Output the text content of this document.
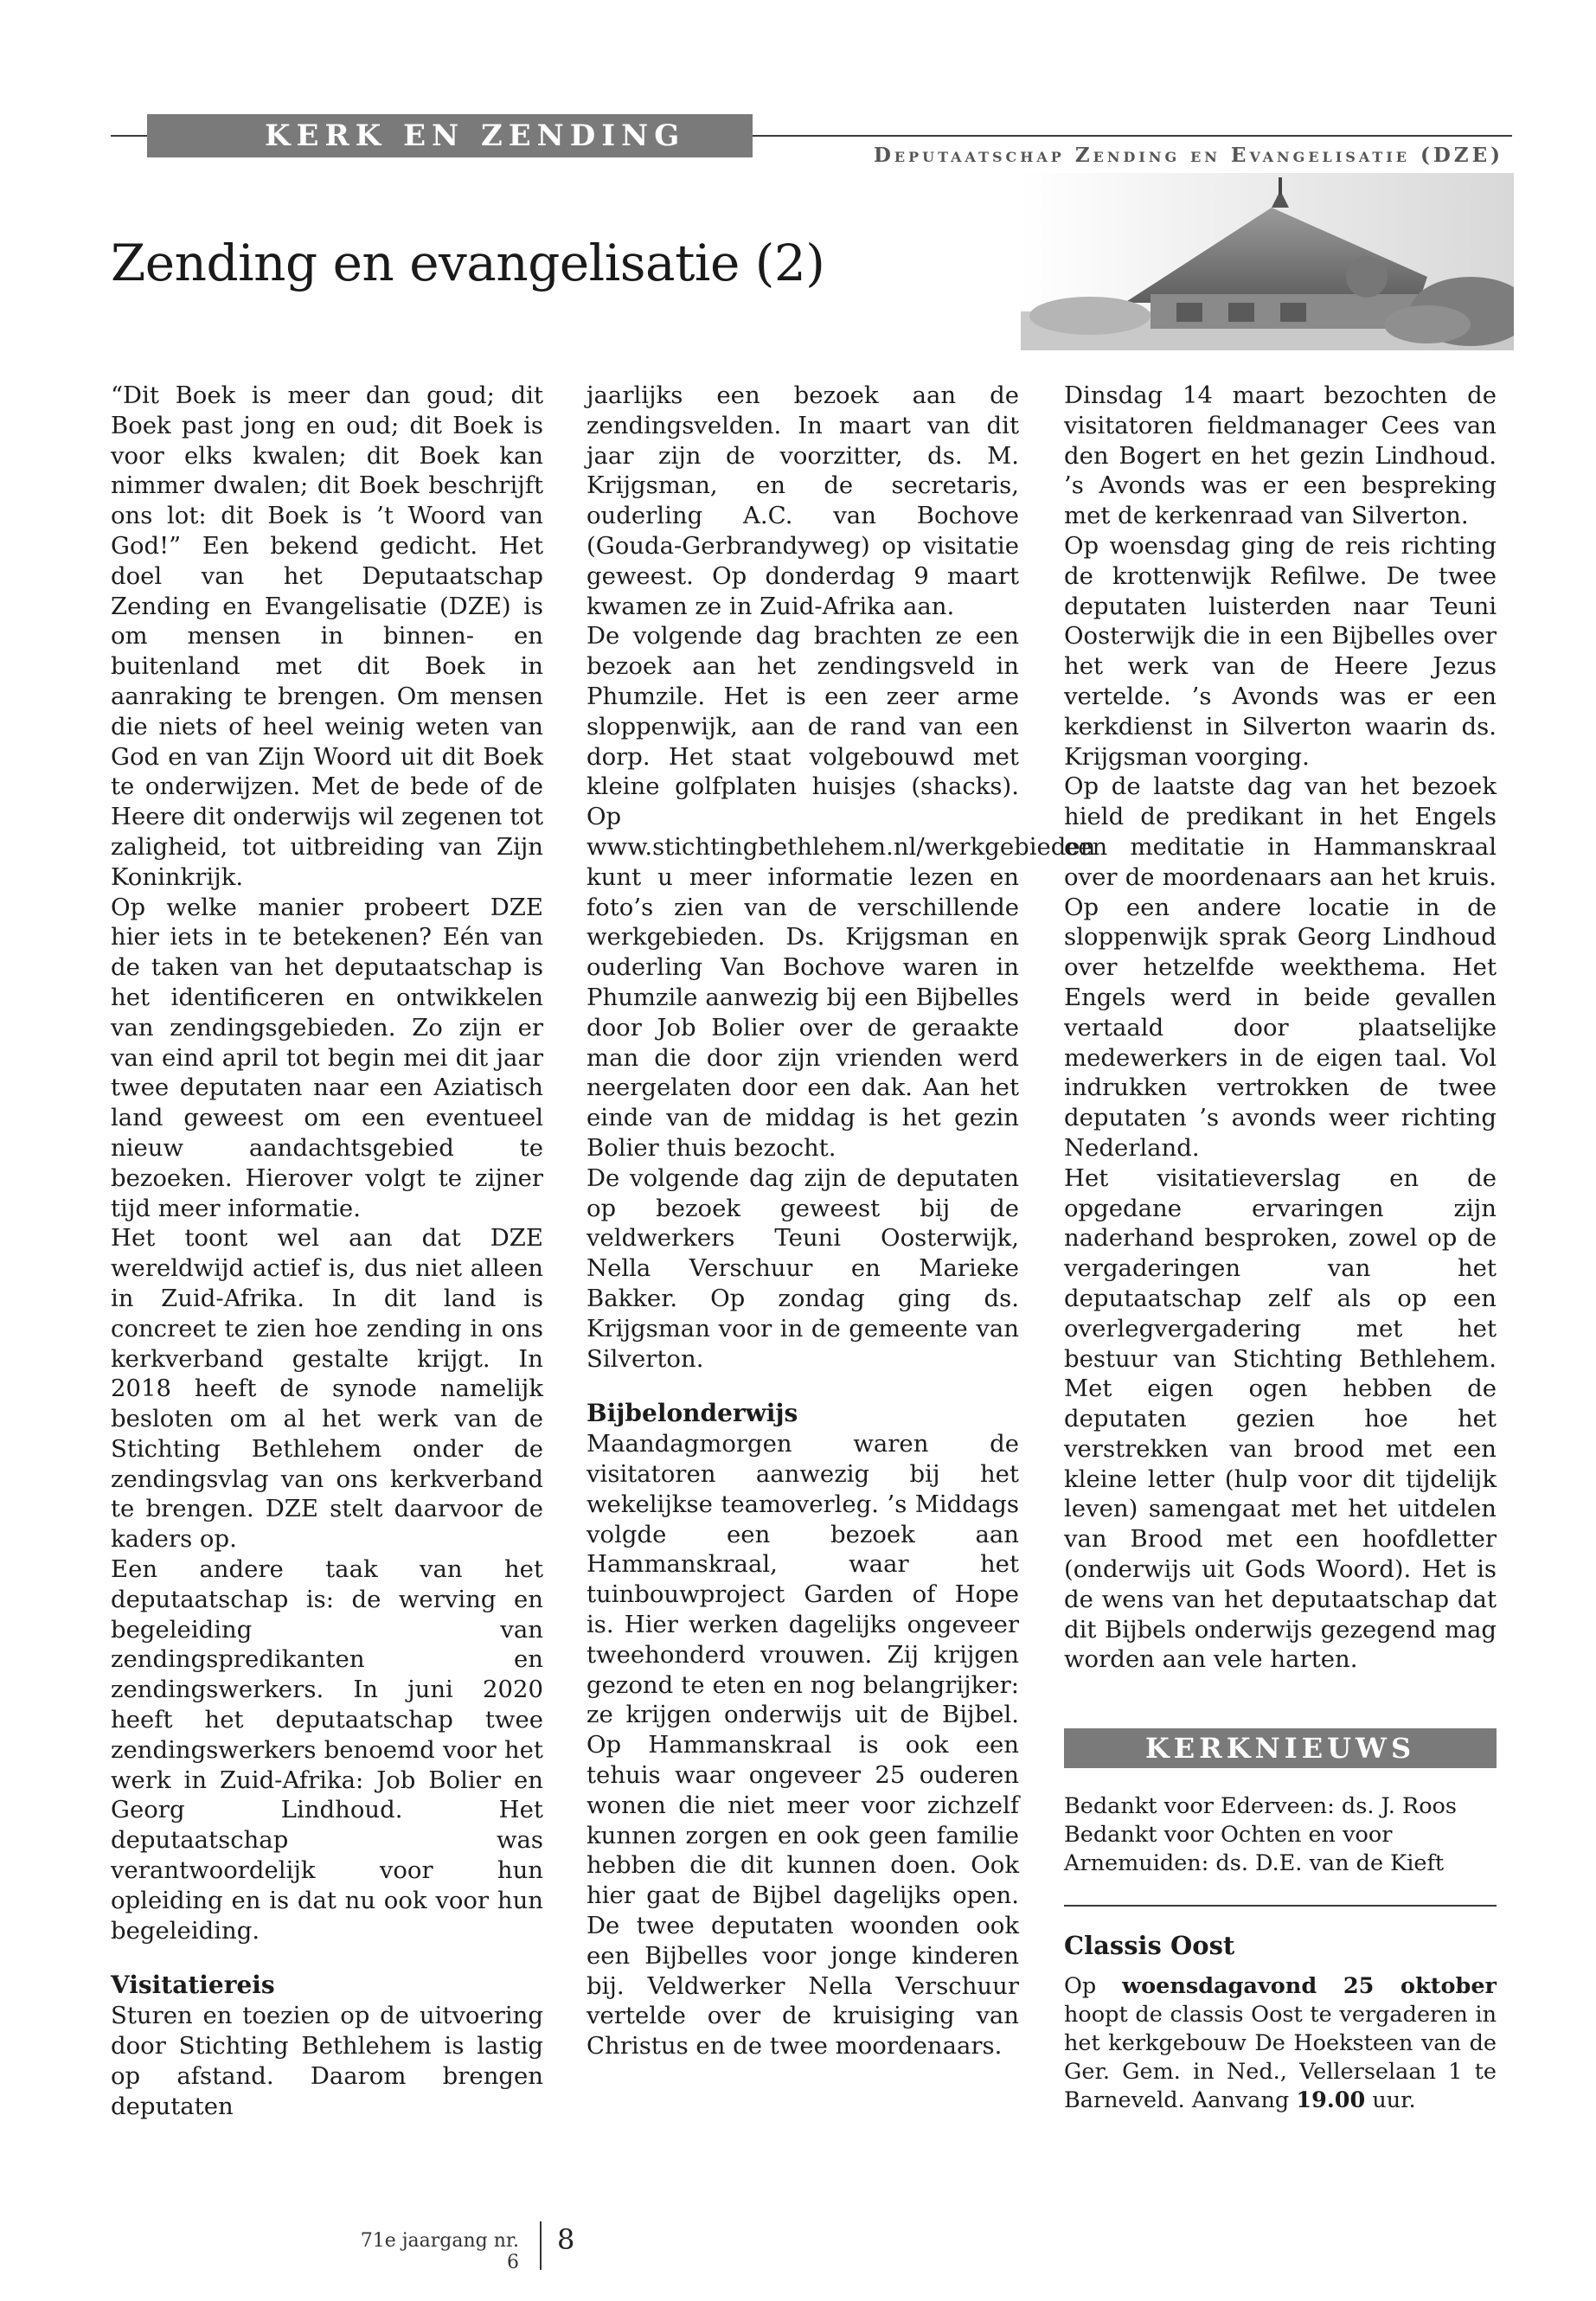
KERK EN ZENDING
Deputaatschap Zending en Evangelisatie (DZE)
Zending en evangelisatie (2)

“Dit Boek is meer dan goud; dit Boek past jong en oud; dit Boek is voor elks kwalen; dit Boek kan nimmer dwalen; dit Boek beschrijft ons lot: dit Boek is ’t Woord van God!” Een bekend gedicht. Het doel van het Deputaatschap Zending en Evangelisatie (DZE) is om mensen in binnen- en buitenland met dit Boek in aanraking te brengen. Om mensen die niets of heel weinig weten van God en van Zijn Woord uit dit Boek te onderwijzen. Met de bede of de Heere dit onderwijs wil zegenen tot zaligheid, tot uitbreiding van Zijn Koninkrijk.

Op welke manier probeert DZE hier iets in te betekenen? Eén van de taken van het deputaatschap is het identificeren en ontwikkelen van zendingsgebieden. Zo zijn er van eind april tot begin mei dit jaar twee deputaten naar een Aziatisch land geweest om een eventueel nieuw aandachtsgebied te bezoeken. Hierover volgt te zijner tijd meer informatie.

Het toont wel aan dat DZE wereldwijd actief is, dus niet alleen in Zuid-Afrika. In dit land is concreet te zien hoe zending in ons kerkverband gestalte krijgt. In 2018 heeft de synode namelijk besloten om al het werk van de Stichting Bethlehem onder de zendingsvlag van ons kerkverband te brengen. DZE stelt daarvoor de kaders op.

Een andere taak van het deputaatschap is: de werving en begeleiding van zendingspredikanten en zendingswerkers. In juni 2020 heeft het deputaatschap twee zendingswerkers benoemd voor het werk in Zuid-Afrika: Job Bolier en Georg Lindhoud. Het deputaatschap was verantwoordelijk voor hun opleiding en is dat nu ook voor hun begeleiding.

Visitatiereis

Sturen en toezien op de uitvoering door Stichting Bethlehem is lastig op afstand. Daarom brengen deputaten

jaarlijks een bezoek aan de zendingsvelden. In maart van dit jaar zijn de voorzitter, ds. M. Krijgsman, en de secretaris, ouderling A.C. van Bochove (Gouda-Gerbrandyweg) op visitatie geweest. Op donderdag 9 maart kwamen ze in Zuid-Afrika aan.

De volgende dag brachten ze een bezoek aan het zendingsveld in Phumzile. Het is een zeer arme sloppenwijk, aan de rand van een dorp. Het staat volgebouwd met kleine golfplaten huisjes (shacks). Op www.stichtingbethlehem.nl/werkgebieden kunt u meer informatie lezen en foto’s zien van de verschillende werkgebieden. Ds. Krijgsman en ouderling Van Bochove waren in Phumzile aanwezig bij een Bijbelles door Job Bolier over de geraakte man die door zijn vrienden werd neergelaten door een dak. Aan het einde van de middag is het gezin Bolier thuis bezocht.

De volgende dag zijn de deputaten op bezoek geweest bij de veldwerkers Teuni Oosterwijk, Nella Verschuur en Marieke Bakker. Op zondag ging ds. Krijgsman voor in de gemeente van Silverton.

Bijbelonderwijs

Maandagmorgen waren de visitatoren aanwezig bij het wekelijkse teamoverleg. ’s Middags volgde een bezoek aan Hammanskraal, waar het tuinbouwproject Garden of Hope is. Hier werken dagelijks ongeveer tweehonderd vrouwen. Zij krijgen gezond te eten en nog belangrijker: ze krijgen onderwijs uit de Bijbel. Op Hammanskraal is ook een tehuis waar ongeveer 25 ouderen wonen die niet meer voor zichzelf kunnen zorgen en ook geen familie hebben die dit kunnen doen. Ook hier gaat de Bijbel dagelijks open. De twee deputaten woonden ook een Bijbelles voor jonge kinderen bij. Veldwerker Nella Verschuur vertelde over de kruisiging van Christus en de twee moordenaars.

Dinsdag 14 maart bezochten de visitatoren fieldmanager Cees van den Bogert en het gezin Lindhoud. ’s Avonds was er een bespreking met de kerkenraad van Silverton.

Op woensdag ging de reis richting de krottenwijk Refilwe. De twee deputaten luisterden naar Teuni Oosterwijk die in een Bijbelles over het werk van de Heere Jezus vertelde. ’s Avonds was er een kerkdienst in Silverton waarin ds. Krijgsman voorging.

Op de laatste dag van het bezoek hield de predikant in het Engels een meditatie in Hammanskraal over de moordenaars aan het kruis. Op een andere locatie in de sloppenwijk sprak Georg Lindhoud over hetzelfde weekthema. Het Engels werd in beide gevallen vertaald door plaatselijke medewerkers in de eigen taal. Vol indrukken vertrokken de twee deputaten ’s avonds weer richting Nederland.

Het visitatieverslag en de opgedane ervaringen zijn naderhand besproken, zowel op de vergaderingen van het deputaatschap zelf als op een overlegvergadering met het bestuur van Stichting Bethlehem. Met eigen ogen hebben de deputaten gezien hoe het verstrekken van brood met een kleine letter (hulp voor dit tijdelijk leven) samengaat met het uitdelen van Brood met een hoofdletter (onderwijs uit Gods Woord). Het is de wens van het deputaatschap dat dit Bijbels onderwijs gezegend mag worden aan vele harten.

KERKNIEUWS

Bedankt voor Ederveen: ds. J. Roos

Bedankt voor Ochten en voor Arnemuiden: ds. D.E. van de Kieft

Classis Oost

Op woensdagavond 25 oktober hoopt de classis Oost te vergaderen in het kerkgebouw De Hoeksteen van de Ger. Gem. in Ned., Vellerselaan 1 te Barneveld. Aanvang 19.00 uur.

71e jaargang nr. 6
8
